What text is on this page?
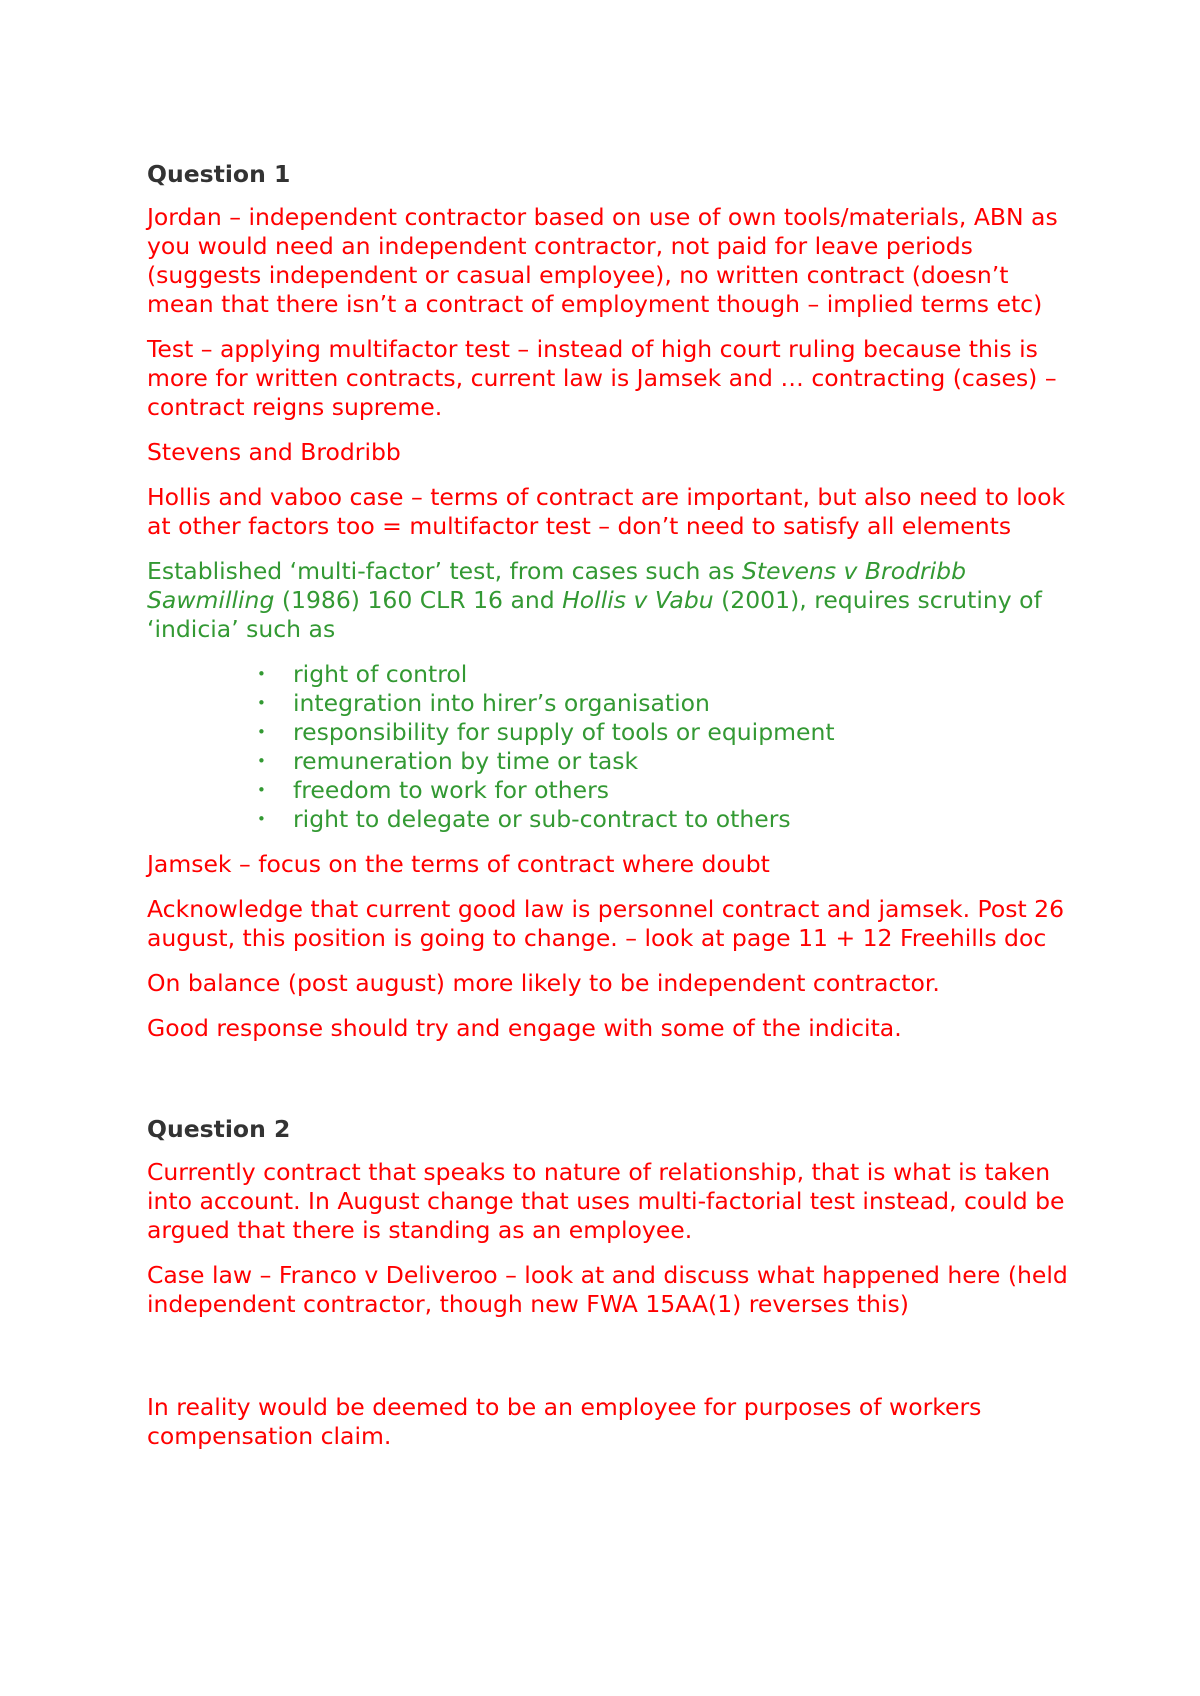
Question 1

Jordan – independent contractor based on use of own tools/materials, ABN as you would need an independent contractor, not paid for leave periods (suggests independent or casual employee), no written contract (doesn’t mean that there isn’t a contract of employment though – implied terms etc)

Test – applying multifactor test – instead of high court ruling because this is more for written contracts, current law is Jamsek and … contracting (cases) – contract reigns supreme.

Stevens and Brodribb

Hollis and vaboo case – terms of contract are important, but also need to look at other factors too = multifactor test – don’t need to satisfy all elements

Established ‘multi-factor’ test, from cases such as Stevens v Brodribb Sawmilling (1986) 160 CLR 16 and Hollis v Vabu (2001), requires scrutiny of ‘indicia’ such as

• right of control
• integration into hirer’s organisation
• responsibility for supply of tools or equipment
• remuneration by time or task
• freedom to work for others
• right to delegate or sub-contract to others

Jamsek – focus on the terms of contract where doubt

Acknowledge that current good law is personnel contract and jamsek. Post 26 august, this position is going to change. – look at page 11 + 12 Freehills doc

On balance (post august) more likely to be independent contractor.

Good response should try and engage with some of the indicita.

Question 2

Currently contract that speaks to nature of relationship, that is what is taken into account. In August change that uses multi-factorial test instead, could be argued that there is standing as an employee.

Case law – Franco v Deliveroo – look at and discuss what happened here (held independent contractor, though new FWA 15AA(1) reverses this)

In reality would be deemed to be an employee for purposes of workers compensation claim.
